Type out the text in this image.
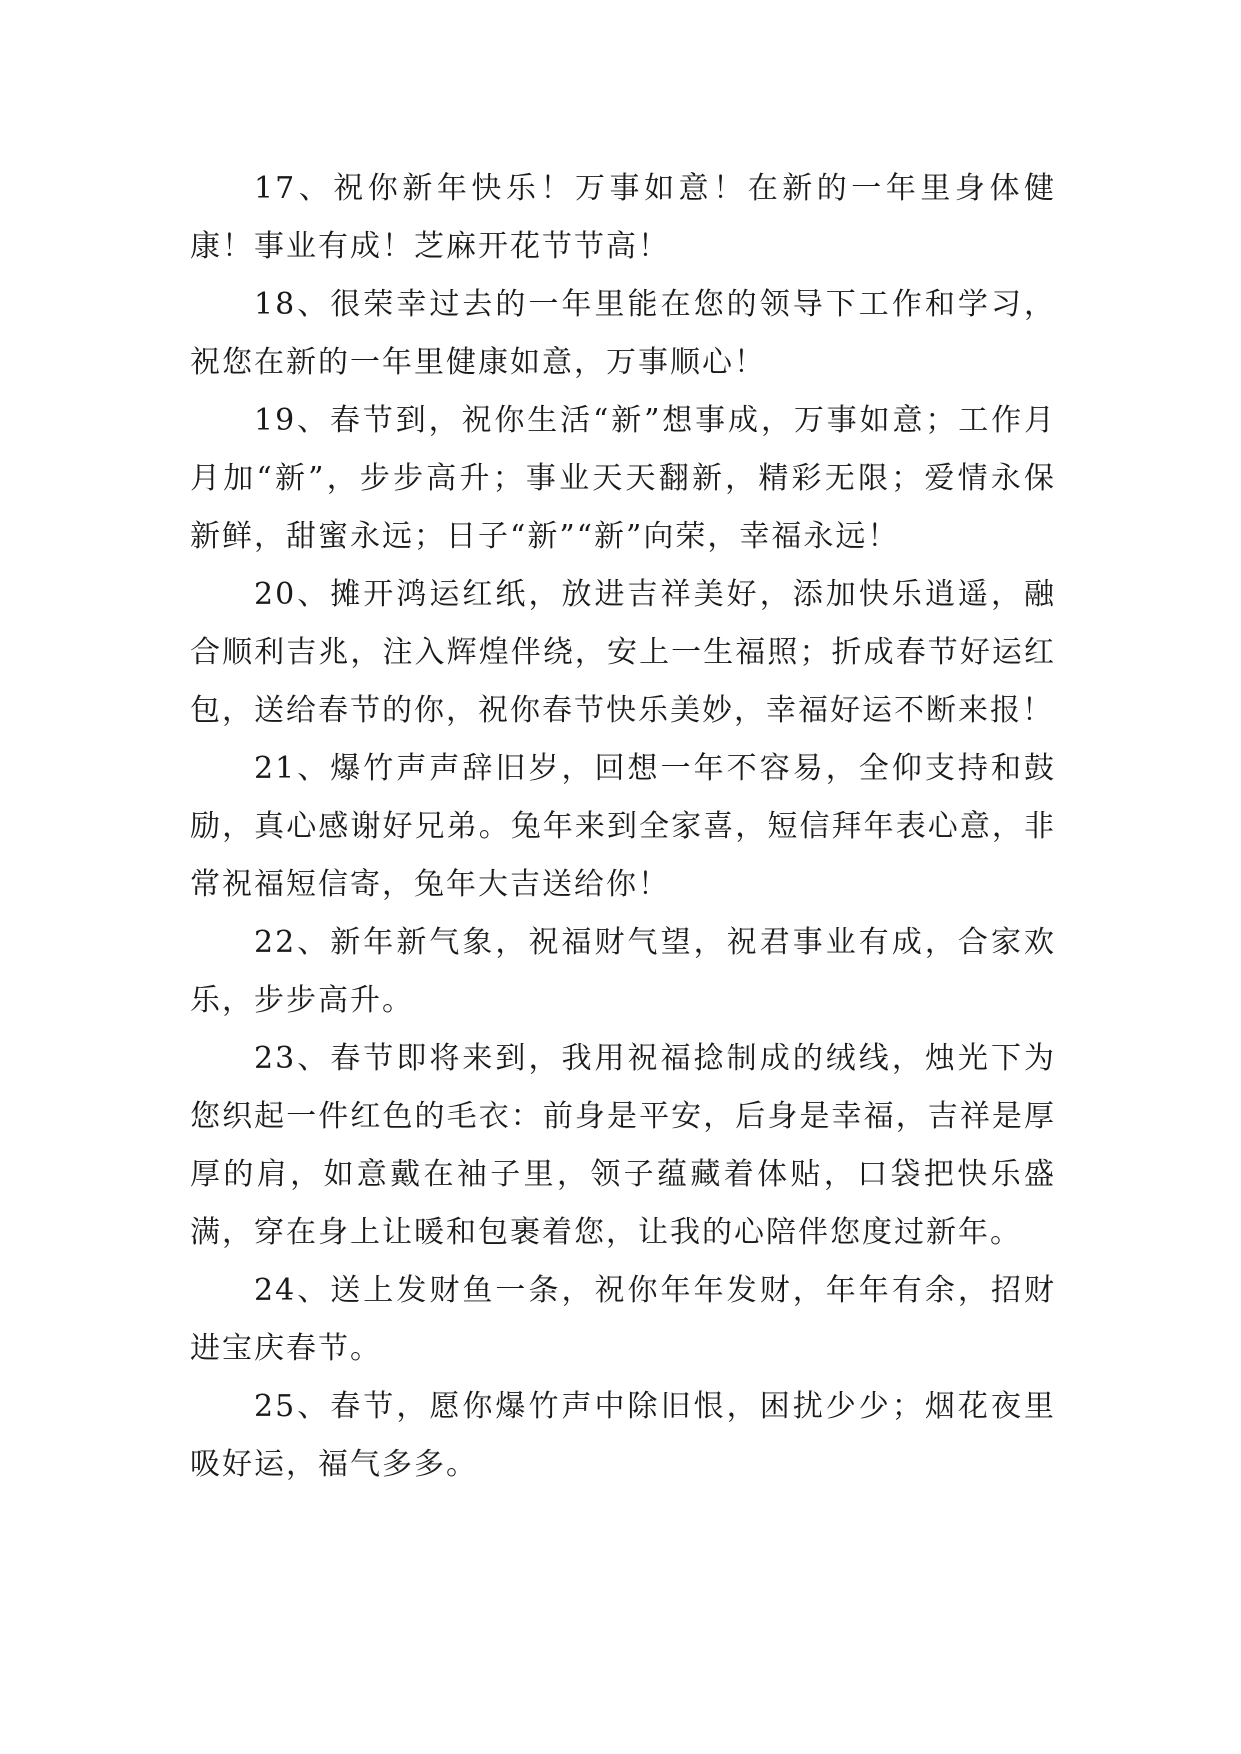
17、祝你新年快乐！万事如意！在新的一年里身体健康！事业有成！芝麻开花节节高！

18、很荣幸过去的一年里能在您的领导下工作和学习，祝您在新的一年里健康如意，万事顺心！

19、春节到，祝你生活“新”想事成，万事如意；工作月月加“新”，步步高升；事业天天翻新，精彩无限；爱情永保新鲜，甜蜜永远；日子“新”“新”向荣，幸福永远！

20、摊开鸿运红纸，放进吉祥美好，添加快乐逍遥，融合顺利吉兆，注入辉煌伴绕，安上一生福照；折成春节好运红包，送给春节的你，祝你春节快乐美妙，幸福好运不断来报！

21、爆竹声声辞旧岁，回想一年不容易，全仰支持和鼓励，真心感谢好兄弟。兔年来到全家喜，短信拜年表心意，非常祝福短信寄，兔年大吉送给你！

22、新年新气象，祝福财气望，祝君事业有成，合家欢乐，步步高升。

23、春节即将来到，我用祝福捻制成的绒线，烛光下为您织起一件红色的毛衣：前身是平安，后身是幸福，吉祥是厚厚的肩，如意戴在袖子里，领子蕴藏着体贴，口袋把快乐盛满，穿在身上让暖和包裹着您，让我的心陪伴您度过新年。

24、送上发财鱼一条，祝你年年发财，年年有余，招财进宝庆春节。

25、春节，愿你爆竹声中除旧恨，困扰少少；烟花夜里吸好运，福气多多。
